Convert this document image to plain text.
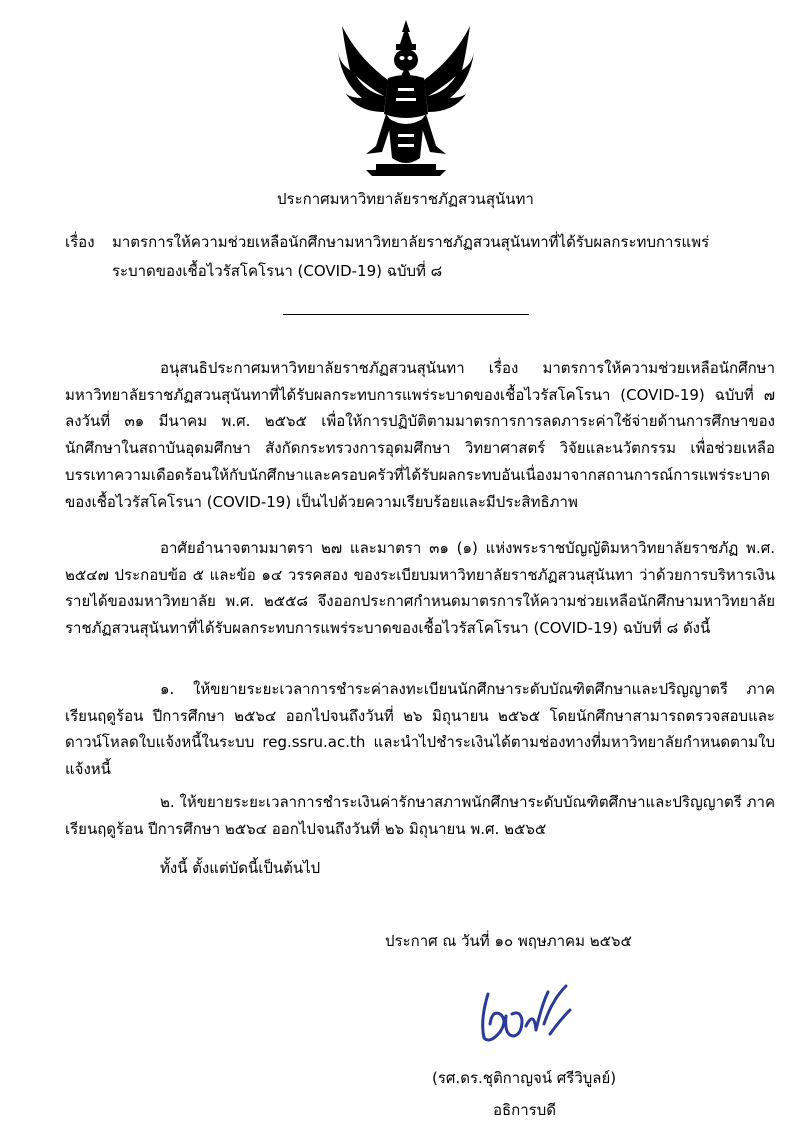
ประกาศมหาวิทยาลัยราชภัฏสวนสุนันทา
เรื่อง มาตรการให้ความช่วยเหลือนักศึกษามหาวิทยาลัยราชภัฏสวนสุนันทาที่ได้รับผลกระทบการแพร่
ระบาดของเชื้อไวรัสโคโรนา (COVID-19) ฉบับที่ ๘
อนุสนธิประกาศมหาวิทยาลัยราชภัฏสวนสุนันทา เรื่อง มาตรการให้ความช่วยเหลือนักศึกษามหาวิทยาลัยราชภัฏสวนสุนันทาที่ได้รับผลกระทบการแพร่ระบาดของเชื้อไวรัสโคโรนา (COVID-19) ฉบับที่ ๗ ลงวันที่ ๓๑ มีนาคม พ.ศ. ๒๕๖๕ เพื่อให้การปฏิบัติตามมาตรการการลดภาระค่าใช้จ่ายด้านการศึกษาของนักศึกษาในสถาบันอุดมศึกษา สังกัดกระทรวงการอุดมศึกษา วิทยาศาสตร์ วิจัยและนวัตกรรม เพื่อช่วยเหลือบรรเทาความเดือดร้อนให้กับนักศึกษาและครอบครัวที่ได้รับผลกระทบอันเนื่องมาจากสถานการณ์การแพร่ระบาดของเชื้อไวรัสโคโรนา (COVID-19) เป็นไปด้วยความเรียบร้อยและมีประสิทธิภาพ
อาศัยอำนาจตามมาตรา ๒๗ และมาตรา ๓๑ (๑) แห่งพระราชบัญญัติมหาวิทยาลัยราชภัฏ พ.ศ. ๒๕๔๗ ประกอบข้อ ๕ และข้อ ๑๔ วรรคสอง ของระเบียบมหาวิทยาลัยราชภัฏสวนสุนันทา ว่าด้วยการบริหารเงินรายได้ของมหาวิทยาลัย พ.ศ. ๒๕๕๘ จึงออกประกาศกำหนดมาตรการให้ความช่วยเหลือนักศึกษามหาวิทยาลัยราชภัฏสวนสุนันทาที่ได้รับผลกระทบการแพร่ระบาดของเชื้อไวรัสโคโรนา (COVID-19) ฉบับที่ ๘ ดังนี้
๑. ให้ขยายระยะเวลาการชำระค่าลงทะเบียนนักศึกษาระดับบัณฑิตศึกษาและปริญญาตรี ภาคเรียนฤดูร้อน ปีการศึกษา ๒๕๖๔ ออกไปจนถึงวันที่ ๒๖ มิถุนายน ๒๕๖๕ โดยนักศึกษาสามารถตรวจสอบและดาวน์โหลดใบแจ้งหนี้ในระบบ reg.ssru.ac.th และนำไปชำระเงินได้ตามช่องทางที่มหาวิทยาลัยกำหนดตามใบแจ้งหนี้
๒. ให้ขยายระยะเวลาการชำระเงินค่ารักษาสภาพนักศึกษาระดับบัณฑิตศึกษาและปริญญาตรี ภาคเรียนฤดูร้อน ปีการศึกษา ๒๕๖๔ ออกไปจนถึงวันที่ ๒๖ มิถุนายน พ.ศ. ๒๕๖๕
ทั้งนี้ ตั้งแต่บัดนี้เป็นต้นไป
ประกาศ ณ วันที่ ๑๐ พฤษภาคม ๒๕๖๕
(รศ.ดร.ชุติกาญจน์ ศรีวิบูลย์)
อธิการบดี
